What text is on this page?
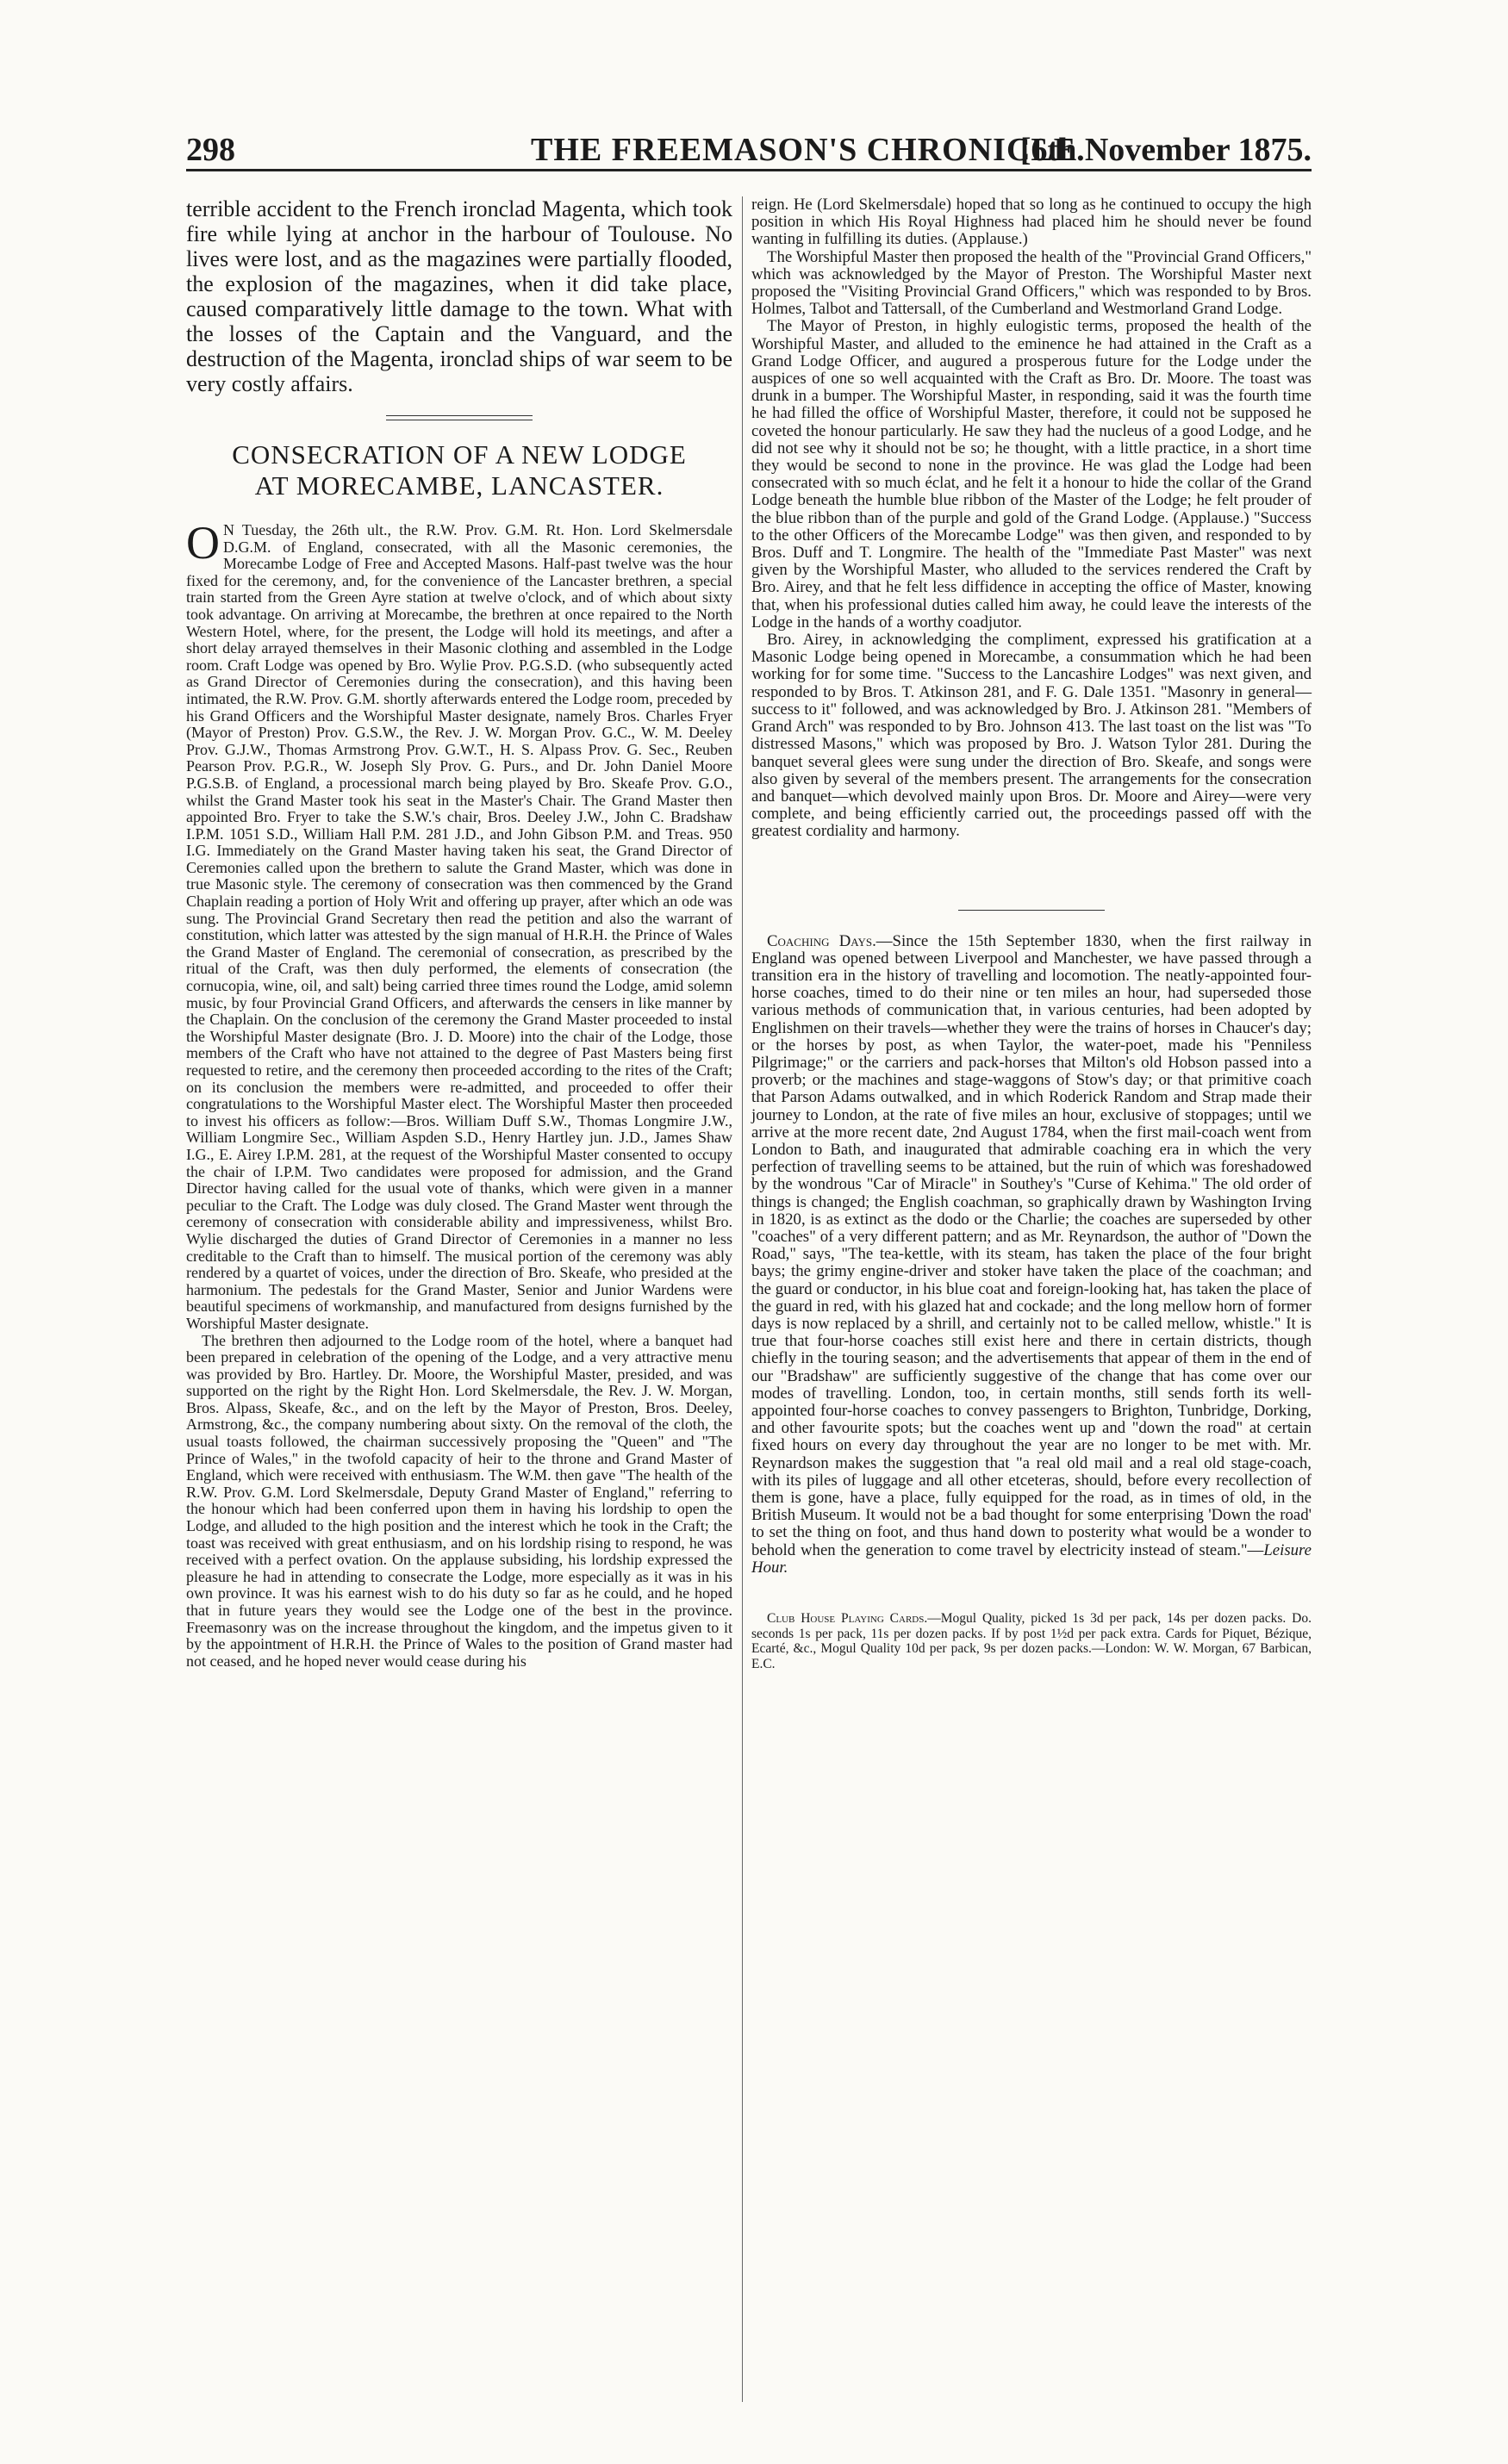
298	THE FREEMASON'S CHRONICLE.
[6th November 1875.

terrible accident to the French ironclad Magenta, which took fire while lying at anchor in the harbour of Toulouse. No lives were lost, and as the magazines were partially flooded, the explosion of the magazines, when it did take place, caused comparatively little damage to the town. What with the losses of the Captain and the Vanguard, and the destruction of the Magenta, ironclad ships of war seem to be very costly affairs.

CONSECRATION OF A NEW LODGE
AT MORECAMBE, LANCASTER.

O N Tuesday, the 26th ult., the R.W. Prov. G.M. Rt. Hon. Lord Skelmersdale D.G.M. of England, consecrated, with all the Masonic ceremonies, the Morecambe Lodge of Free and Accepted Masons. Half-past twelve was the hour fixed for the ceremony, and, for the convenience of the Lancaster brethren, a special train started from the Green Ayre station at twelve o'clock, and of which about sixty took advantage. On arriving at Morecambe, the brethren at once repaired to the North Western Hotel, where, for the present, the Lodge will hold its meetings, and after a short delay arrayed themselves in their Masonic clothing and assembled in the Lodge room. Craft Lodge was opened by Bro. Wylie Prov. P.G.S.D. (who subsequently acted as Grand Director of Ceremonies during the consecration), and this having been intimated, the R.W. Prov. G.M. shortly afterwards entered the Lodge room, preceded by his Grand Officers and the Worshipful Master designate, namely Bros. Charles Fryer (Mayor of Preston) Prov. G.S.W., the Rev. J. W. Morgan Prov. G.C., W. M. Deeley Prov. G.J.W., Thomas Armstrong Prov. G.W.T., H. S. Alpass Prov. G. Sec., Reuben Pearson Prov. P.G.R., W. Joseph Sly Prov. G. Purs., and Dr. John Daniel Moore P.G.S.B. of England, a processional march being played by Bro. Skeafe Prov. G.O., whilst the Grand Master took his seat in the Master's Chair. The Grand Master then appointed Bro. Fryer to take the S.W.'s chair, Bros. Deeley J.W., John C. Bradshaw I.P.M. 1051 S.D., William Hall P.M. 281 J.D., and John Gibson P.M. and Treas. 950 I.G. Immediately on the Grand Master having taken his seat, the Grand Director of Ceremonies called upon the brethern to salute the Grand Master, which was done in true Masonic style. The ceremony of consecration was then commenced by the Grand Chaplain reading a portion of Holy Writ and offering up prayer, after which an ode was sung. The Provincial Grand Secretary then read the petition and also the warrant of constitution, which latter was attested by the sign manual of H.R.H. the Prince of Wales the Grand Master of England. The ceremonial of consecration, as prescribed by the ritual of the Craft, was then duly performed, the elements of consecration (the cornucopia, wine, oil, and salt) being carried three times round the Lodge, amid solemn music, by four Provincial Grand Officers, and afterwards the censers in like manner by the Chaplain. On the conclusion of the ceremony the Grand Master proceeded to instal the Worshipful Master designate (Bro. J. D. Moore) into the chair of the Lodge, those members of the Craft who have not attained to the degree of Past Masters being first requested to retire, and the ceremony then proceeded according to the rites of the Craft; on its conclusion the members were re-admitted, and proceeded to offer their congratulations to the Worshipful Master elect. The Worshipful Master then proceeded to invest his officers as follow:—Bros. William Duff S.W., Thomas Longmire J.W., William Longmire Sec., William Aspden S.D., Henry Hartley jun. J.D., James Shaw I.G., E. Airey I.P.M. 281, at the request of the Worshipful Master consented to occupy the chair of I.P.M. Two candidates were proposed for admission, and the Grand Director having called for the usual vote of thanks, which were given in a manner peculiar to the Craft. The Lodge was duly closed. The Grand Master went through the ceremony of consecration with considerable ability and impressiveness, whilst Bro. Wylie discharged the duties of Grand Director of Ceremonies in a manner no less creditable to the Craft than to himself. The musical portion of the ceremony was ably rendered by a quartet of voices, under the direction of Bro. Skeafe, who presided at the harmonium. The pedestals for the Grand Master, Senior and Junior Wardens were beautiful specimens of workmanship, and manufactured from designs furnished by the Worshipful Master designate.

The brethren then adjourned to the Lodge room of the hotel, where a banquet had been prepared in celebration of the opening of the Lodge, and a very attractive menu was provided by Bro. Hartley. Dr. Moore, the Worshipful Master, presided, and was supported on the right by the Right Hon. Lord Skelmersdale, the Rev. J. W. Morgan, Bros. Alpass, Skeafe, &c., and on the left by the Mayor of Preston, Bros. Deeley, Armstrong, &c., the company numbering about sixty. On the removal of the cloth, the usual toasts followed, the chairman successively proposing the "Queen" and "The Prince of Wales," in the twofold capacity of heir to the throne and Grand Master of England, which were received with enthusiasm. The W.M. then gave "The health of the R.W. Prov. G.M. Lord Skelmersdale, Deputy Grand Master of England," referring to the honour which had been conferred upon them in having his lordship to open the Lodge, and alluded to the high position and the interest which he took in the Craft; the toast was received with great enthusiasm, and on his lordship rising to respond, he was received with a perfect ovation. On the applause subsiding, his lordship expressed the pleasure he had in attending to consecrate the Lodge, more especially as it was in his own province. It was his earnest wish to do his duty so far as he could, and he hoped that in future years they would see the Lodge one of the best in the province. Freemasonry was on the increase throughout the kingdom, and the impetus given to it by the appointment of H.R.H. the Prince of Wales to the position of Grand master had not ceased, and he hoped never would cease during his

reign. He (Lord Skelmersdale) hoped that so long as he continued to occupy the high position in which His Royal Highness had placed him he should never be found wanting in fulfilling its duties. (Applause.)

The Worshipful Master then proposed the health of the "Provincial Grand Officers," which was acknowledged by the Mayor of Preston. The Worshipful Master next proposed the "Visiting Provincial Grand Officers," which was responded to by Bros. Holmes, Talbot and Tattersall, of the Cumberland and Westmorland Grand Lodge.

The Mayor of Preston, in highly eulogistic terms, proposed the health of the Worshipful Master, and alluded to the eminence he had attained in the Craft as a Grand Lodge Officer, and augured a prosperous future for the Lodge under the auspices of one so well acquainted with the Craft as Bro. Dr. Moore. The toast was drunk in a bumper. The Worshipful Master, in responding, said it was the fourth time he had filled the office of Worshipful Master, therefore, it could not be supposed he coveted the honour particularly. He saw they had the nucleus of a good Lodge, and he did not see why it should not be so; he thought, with a little practice, in a short time they would be second to none in the province. He was glad the Lodge had been consecrated with so much éclat, and he felt it a honour to hide the collar of the Grand Lodge beneath the humble blue ribbon of the Master of the Lodge; he felt prouder of the blue ribbon than of the purple and gold of the Grand Lodge. (Applause.) "Success to the other Officers of the Morecambe Lodge" was then given, and responded to by Bros. Duff and T. Longmire. The health of the "Immediate Past Master" was next given by the Worshipful Master, who alluded to the services rendered the Craft by Bro. Airey, and that he felt less diffidence in accepting the office of Master, knowing that, when his professional duties called him away, he could leave the interests of the Lodge in the hands of a worthy coadjutor.

Bro. Airey, in acknowledging the compliment, expressed his gratification at a Masonic Lodge being opened in Morecambe, a consummation which he had been working for for some time. "Success to the Lancashire Lodges" was next given, and responded to by Bros. T. Atkinson 281, and F. G. Dale 1351. "Masonry in general—success to it" followed, and was acknowledged by Bro. J. Atkinson 281. "Members of Grand Arch" was responded to by Bro. Johnson 413. The last toast on the list was "To distressed Masons," which was proposed by Bro. J. Watson Tylor 281. During the banquet several glees were sung under the direction of Bro. Skeafe, and songs were also given by several of the members present. The arrangements for the consecration and banquet—which devolved mainly upon Bros. Dr. Moore and Airey—were very complete, and being efficiently carried out, the proceedings passed off with the greatest cordiality and harmony.

Coaching Days.—Since the 15th September 1830, when the first railway in England was opened between Liverpool and Manchester, we have passed through a transition era in the history of travelling and locomotion. The neatly-appointed four-horse coaches, timed to do their nine or ten miles an hour, had superseded those various methods of communication that, in various centuries, had been adopted by Englishmen on their travels—whether they were the trains of horses in Chaucer's day; or the horses by post, as when Taylor, the water-poet, made his "Penniless Pilgrimage;" or the carriers and pack-horses that Milton's old Hobson passed into a proverb; or the machines and stage-waggons of Stow's day; or that primitive coach that Parson Adams outwalked, and in which Roderick Random and Strap made their journey to London, at the rate of five miles an hour, exclusive of stoppages; until we arrive at the more recent date, 2nd August 1784, when the first mail-coach went from London to Bath, and inaugurated that admirable coaching era in which the very perfection of travelling seems to be attained, but the ruin of which was foreshadowed by the wondrous "Car of Miracle" in Southey's "Curse of Kehima." The old order of things is changed; the English coachman, so graphically drawn by Washington Irving in 1820, is as extinct as the dodo or the Charlie; the coaches are superseded by other "coaches" of a very different pattern; and as Mr. Reynardson, the author of "Down the Road," says, "The tea-kettle, with its steam, has taken the place of the four bright bays; the grimy engine-driver and stoker have taken the place of the coachman; and the guard or conductor, in his blue coat and foreign-looking hat, has taken the place of the guard in red, with his glazed hat and cockade; and the long mellow horn of former days is now replaced by a shrill, and certainly not to be called mellow, whistle." It is true that four-horse coaches still exist here and there in certain districts, though chiefly in the touring season; and the advertisements that appear of them in the end of our "Bradshaw" are sufficiently suggestive of the change that has come over our modes of travelling. London, too, in certain months, still sends forth its well-appointed four-horse coaches to convey passengers to Brighton, Tunbridge, Dorking, and other favourite spots; but the coaches went up and "down the road" at certain fixed hours on every day throughout the year are no longer to be met with. Mr. Reynardson makes the suggestion that "a real old mail and a real old stage-coach, with its piles of luggage and all other etceteras, should, before every recollection of them is gone, have a place, fully equipped for the road, as in times of old, in the British Museum. It would not be a bad thought for some enterprising 'Down the road' to set the thing on foot, and thus hand down to posterity what would be a wonder to behold when the generation to come travel by electricity instead of steam."—Leisure Hour.

Club House Playing Cards.—Mogul Quality, picked 1s 3d per pack, 14s per dozen packs. Do. seconds 1s per pack, 11s per dozen packs. If by post 1½d per pack extra. Cards for Piquet, Bézique, Ecarté, &c., Mogul Quality 10d per pack, 9s per dozen packs.—London: W. W. Morgan, 67 Barbican, E.C.
